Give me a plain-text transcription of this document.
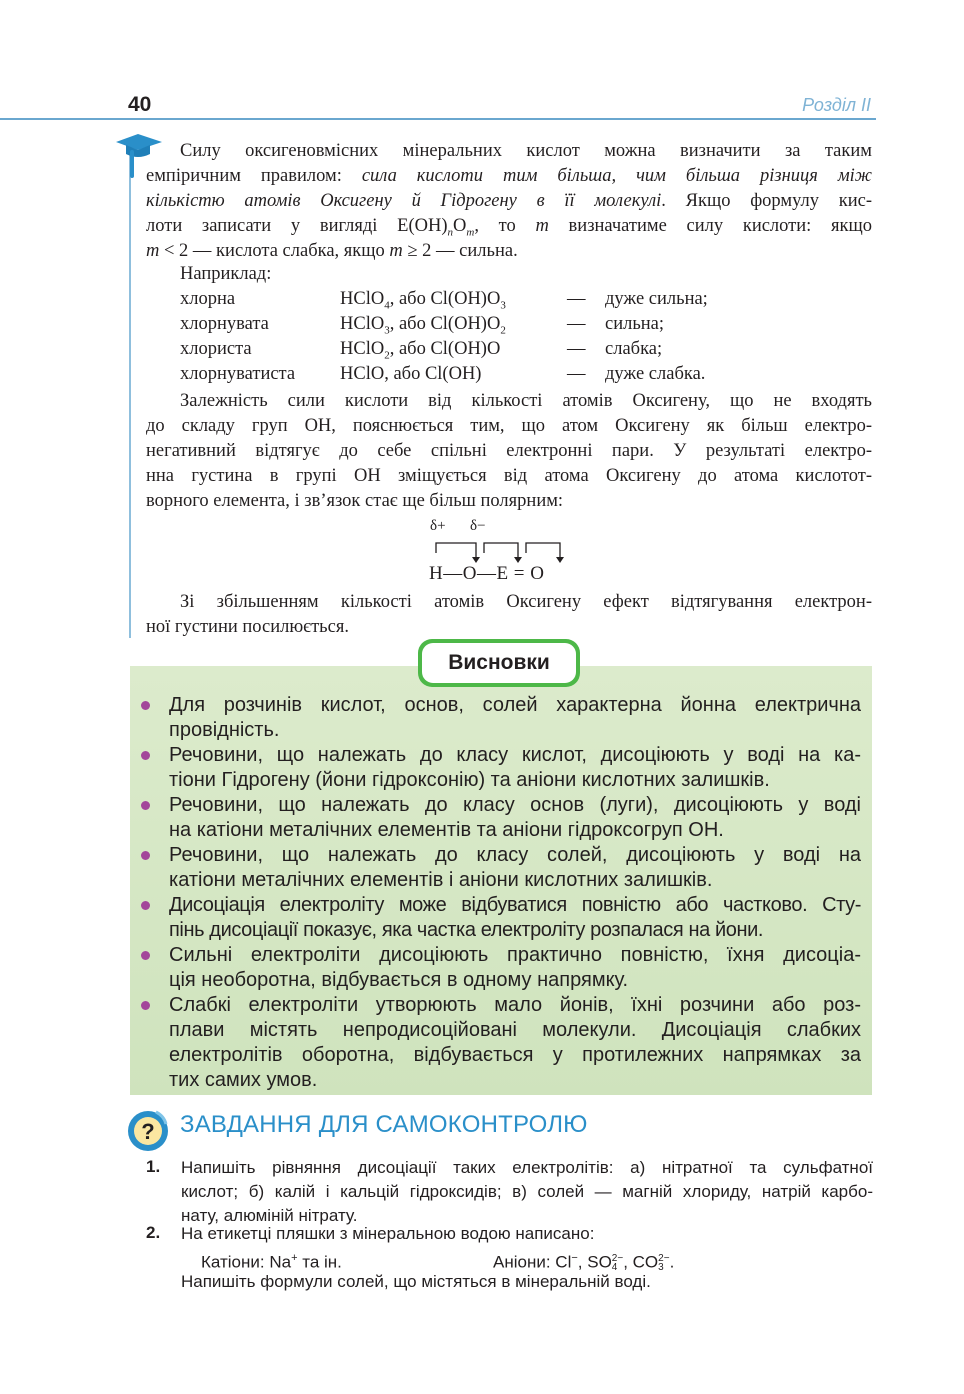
40	Розділ ІІ
Силу оксигеновмісних мінеральних кислот можна визначити за таким
емпіричним правилом: сила кислоти тим більша, чим більша різниця між
кількістю атомів Оксигену й Гідрогену в її молекулі. Якщо формулу кис-
лоти записати у вигляді $E(OH)_nO_m$, то m визначатиме силу кислоти: якщо
m < 2 — кислота слабка, якщо m ≥ 2 — сильна.
Наприклад:
хлорна	HClO$_4$, або $Cl(OH)O_3$	— дуже сильна;
хлорнувата	HClO$_3$, або $Cl(OH)O_2$	— сильна;
хлориста	HClO$_2$, або Cl(OH)O	— слабка;
хлорнуватиста HClO, або Cl(OH)	— дуже слабка.
Залежність сили кислоти від кількості атомів Оксигену, що не входять
до складу груп OH, пояснюється тим, що атом Оксигену як більш електро-
негативний відтягує до себе спільні електронні пари. У результаті електро-
нна густина в групі OH зміщується від атома Оксигену до атома кислотот-
ворного елемента, і зв’язок стає ще більш полярним:
δ+ δ−
H—O—E = O
Зі збільшенням кількості атомів Оксигену ефект відтягування електрон-
ної густини посилюється.
Висновки
Для розчинів кислот, основ, солей характерна йонна електрична
провідність.
Речовини, що належать до класу кислот, дисоціюють у воді на ка-
тіони Гідрогену (йони гідроксонію) та аніони кислотних залишків.
Речовини, що належать до класу основ (луги), дисоціюють у воді
на катіони металічних елементів та аніони гідроксогруп OH.
Речовини, що належать до класу солей, дисоціюють у воді на
катіони металічних елементів і аніони кислотних залишків.
Дисоціація електроліту може відбуватися повністю або частково. Сту-
пінь дисоціації показує, яка частка електроліту розпалася на йони.
Сильні електроліти дисоціюють практично повністю, їхня дисоціа-
ція необоротна, відбувається в одному напрямку.
Слабкі електроліти утворюють мало йонів, їхні розчини або роз-
плави містять непродисоційовані молекули. Дисоціація слабких
електролітів оборотна, відбувається у протилежних напрямках за
тих самих умов.
? ЗАВДАННЯ ДЛЯ САМОКОНТРОЛЮ
1. Напишіть рівняння дисоціації таких електролітів: а) нітратної та сульфатної
кислот; б) калій і кальцій гідроксидів; в) солей — магній хлориду, натрій карбо-
нату, алюміній нітрату.
2. На етикетці пляшки з мінеральною водою написано:
Катіони: Na+ та ін.	Аніони: Cl−, SO 2−
4 , CO 2−
3 .
Напишіть формули солей, що містяться в мінеральній воді.
